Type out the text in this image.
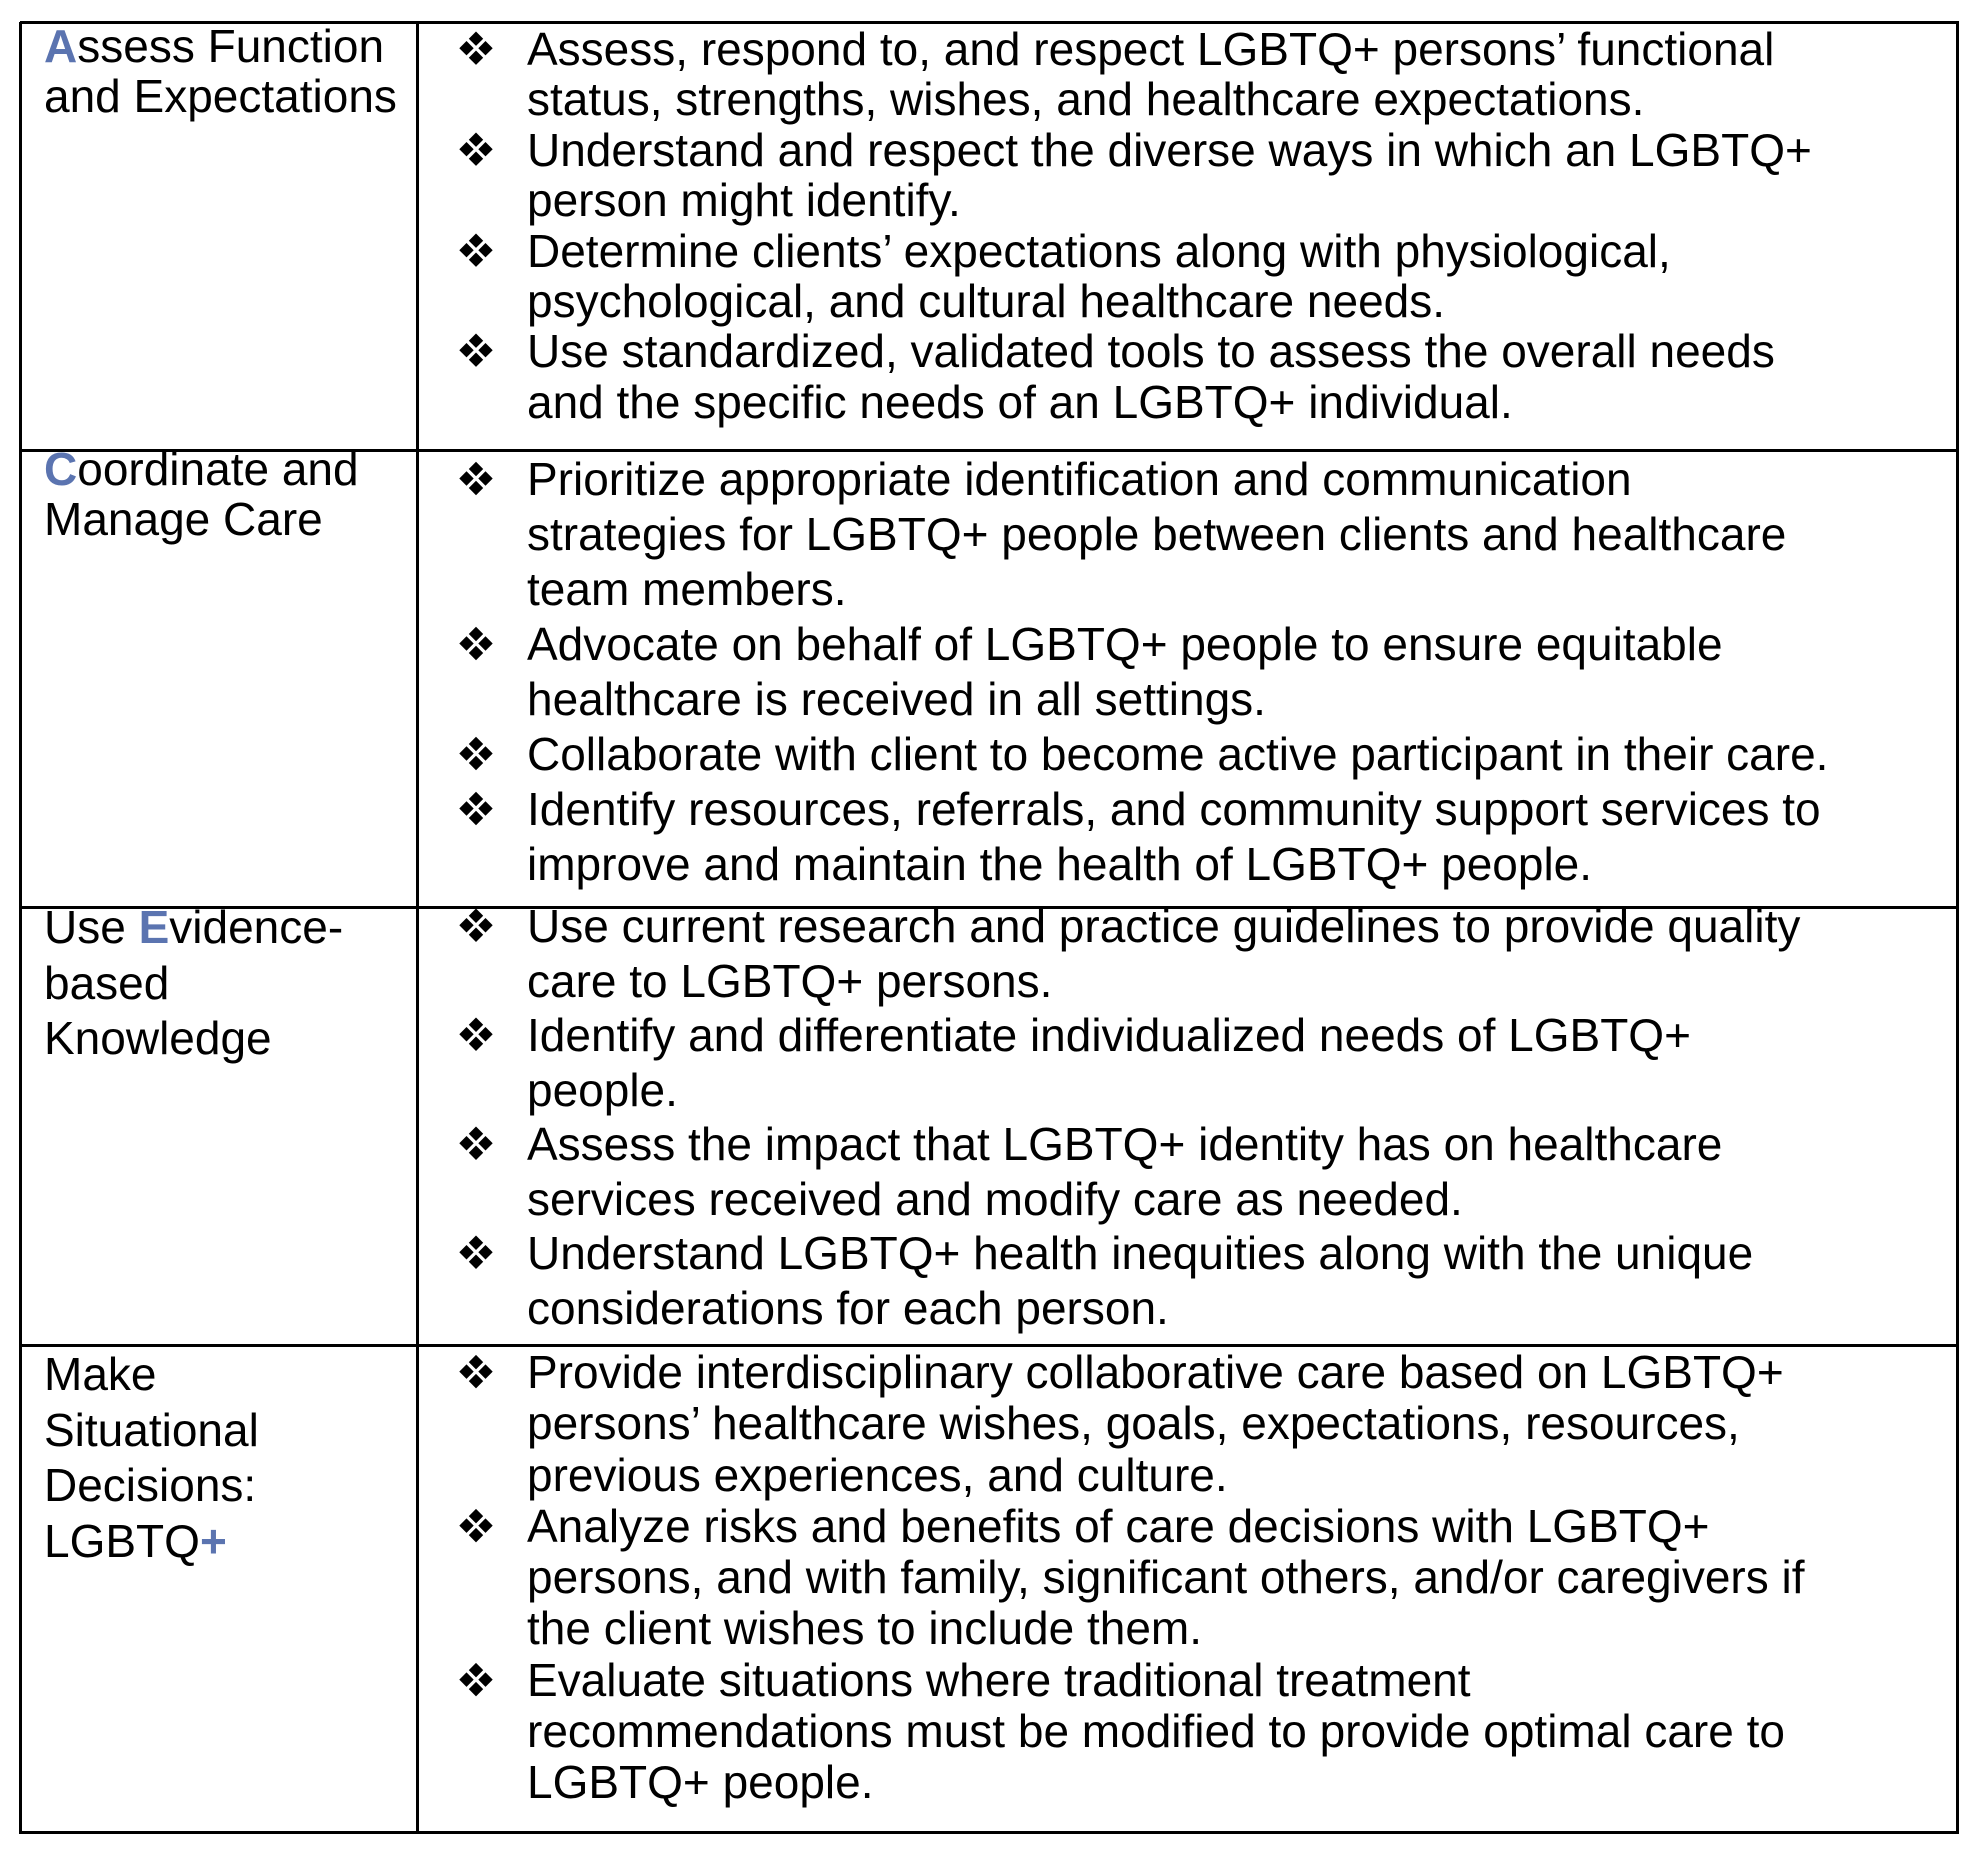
Assess Function
and Expectations
Assess, respond to, and respect LGBTQ+ persons’ functional
status, strengths, wishes, and healthcare expectations.
Understand and respect the diverse ways in which an LGBTQ+
person might identify.
Determine clients’ expectations along with physiological,
psychological, and cultural healthcare needs.
Use standardized, validated tools to assess the overall needs
and the specific needs of an LGBTQ+ individual.
Coordinate and
Manage Care
Prioritize appropriate identification and communication
strategies for LGBTQ+ people between clients and healthcare
team members.
Advocate on behalf of LGBTQ+ people to ensure equitable
healthcare is received in all settings.
Collaborate with client to become active participant in their care.
Identify resources, referrals, and community support services to
improve and maintain the health of LGBTQ+ people.
Use Evidence-
based
Knowledge
Use current research and practice guidelines to provide quality
care to LGBTQ+ persons.
Identify and differentiate individualized needs of LGBTQ+
people.
Assess the impact that LGBTQ+ identity has on healthcare
services received and modify care as needed.
Understand LGBTQ+ health inequities along with the unique
considerations for each person.
Make
Situational
Decisions:
LGBTQ+
Provide interdisciplinary collaborative care based on LGBTQ+
persons’ healthcare wishes, goals, expectations, resources,
previous experiences, and culture.
Analyze risks and benefits of care decisions with LGBTQ+
persons, and with family, significant others, and/or caregivers if
the client wishes to include them.
Evaluate situations where traditional treatment
recommendations must be modified to provide optimal care to
LGBTQ+ people.
